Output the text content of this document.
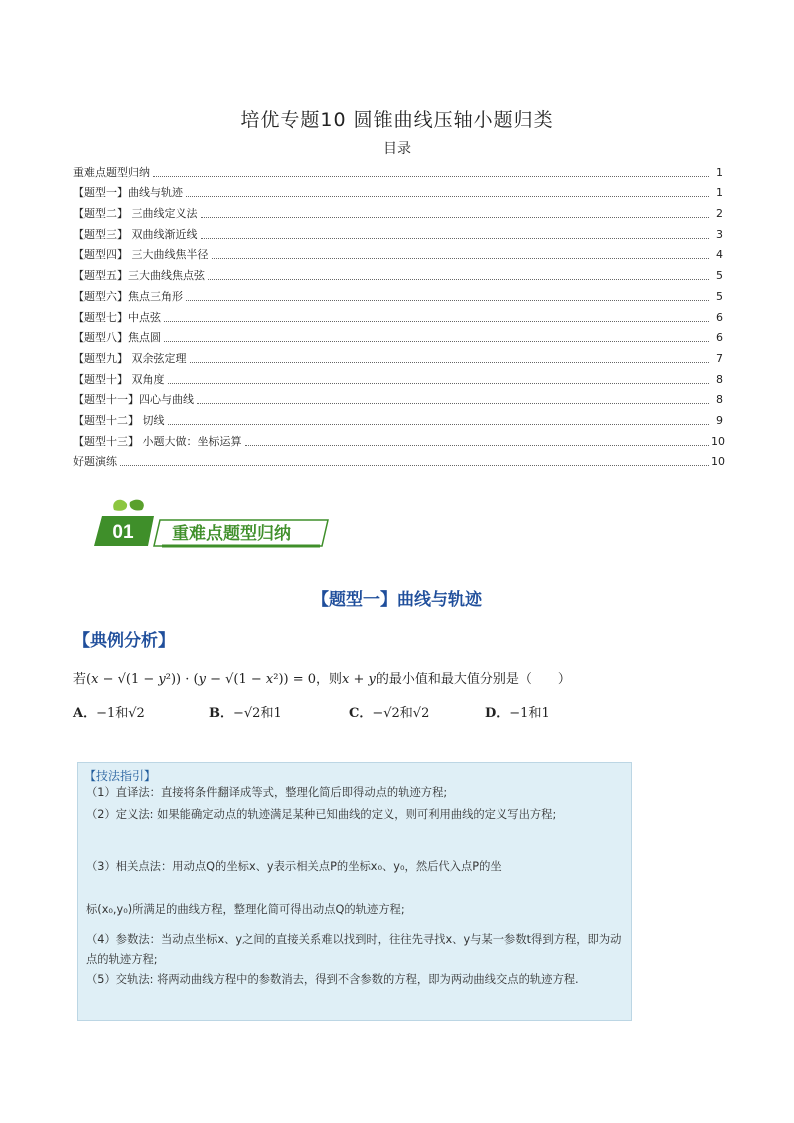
培优专题10 圆锥曲线压轴小题归类
目录
重难点题型归纳	1
【题型一】曲线与轨迹	1
【题型二】 三曲线定义法	2
【题型三】 双曲线渐近线	3
【题型四】 三大曲线焦半径	4
【题型五】三大曲线焦点弦	5
【题型六】焦点三角形	5
【题型七】中点弦	6
【题型八】焦点圆	6
【题型九】 双余弦定理	7
【题型十】 双角度	8
【题型十一】四心与曲线	8
【题型十二】 切线	9
【题型十三】 小题大做：坐标运算	10
好题演练	10
01 重难点题型归纳
【题型一】曲线与轨迹
【典例分析】
若(x − √(1 − y²)) · (y − √(1 − x²)) = 0，则x + y的最小值和最大值分别是（　　）
A．−1和√2	B．−√2和1	C．−√2和√2	D．−1和1
【技法指引】
（1）直译法：直接将条件翻译成等式，整理化简后即得动点的轨迹方程;
（2）定义法: 如果能确定动点的轨迹满足某种已知曲线的定义，则可利用曲线的定义写出方程;
（3）相关点法：用动点Q的坐标x、y表示相关点P的坐标x₀、y₀，然后代入点P的坐
标(x₀,y₀)所满足的曲线方程，整理化简可得出动点Q的轨迹方程;
（4）参数法：当动点坐标x、y之间的直接关系难以找到时，往往先寻找x、y与某一参数t得到方程，即为动点的轨迹方程;
（5）交轨法: 将两动曲线方程中的参数消去，得到不含参数的方程，即为两动曲线交点的轨迹方程.
